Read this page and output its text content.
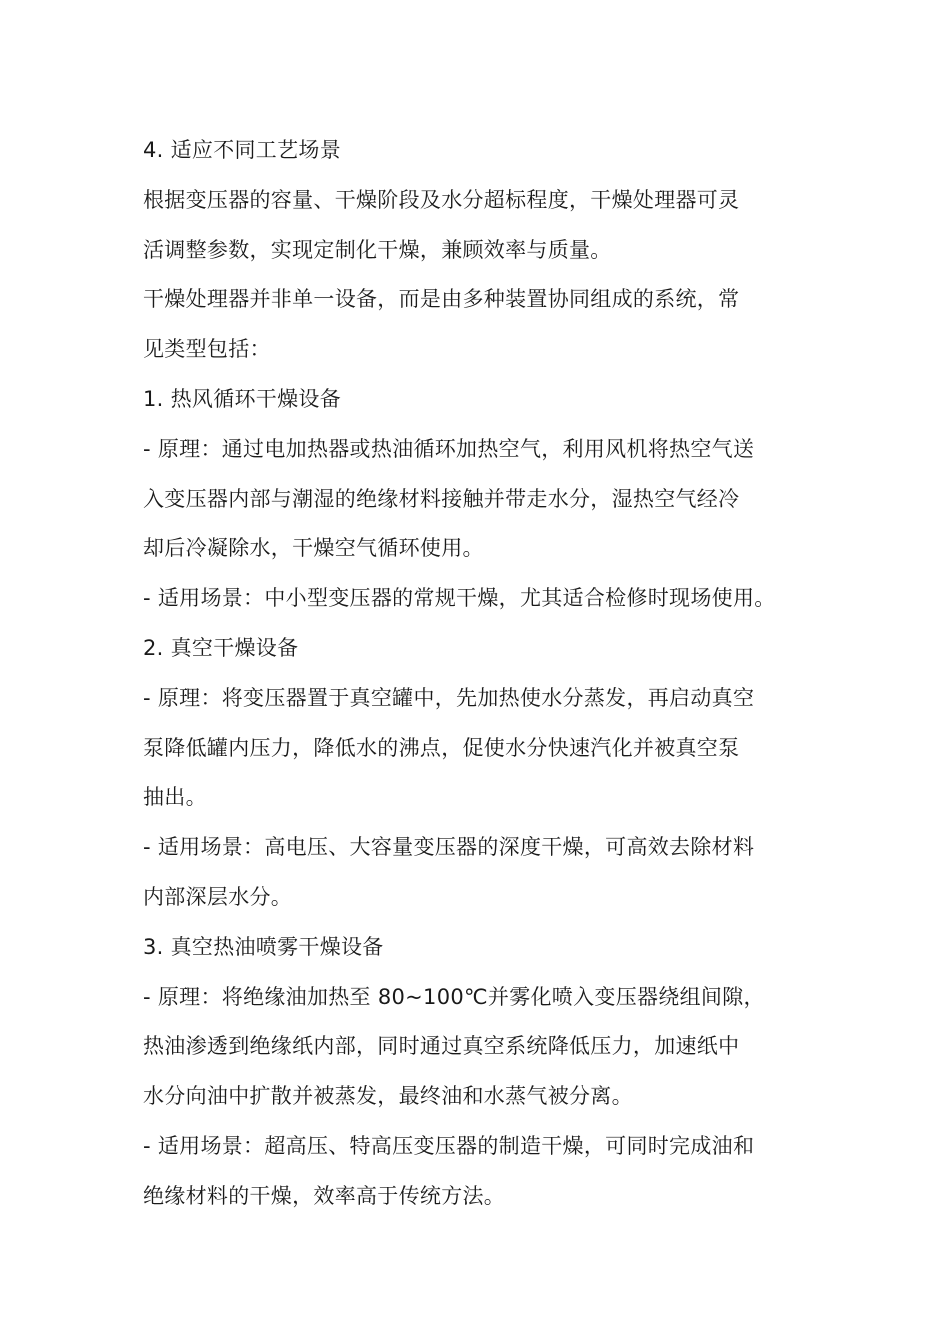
4. 适应不同工艺场景

根据变压器的容量、干燥阶段及水分超标程度，干燥处理器可灵

活调整参数，实现定制化干燥，兼顾效率与质量。

干燥处理器并非单一设备，而是由多种装置协同组成的系统，常

见类型包括：

1. 热风循环干燥设备

- 原理：通过电加热器或热油循环加热空气，利用风机将热空气送

入变压器内部与潮湿的绝缘材料接触并带走水分，湿热空气经冷

却后冷凝除水，干燥空气循环使用。

- 适用场景：中小型变压器的常规干燥，尤其适合检修时现场使用。

2. 真空干燥设备

- 原理：将变压器置于真空罐中，先加热使水分蒸发，再启动真空

泵降低罐内压力，降低水的沸点，促使水分快速汽化并被真空泵

抽出。

- 适用场景：高电压、大容量变压器的深度干燥，可高效去除材料

内部深层水分。

3. 真空热油喷雾干燥设备

- 原理：将绝缘油加热至 80~100℃并雾化喷入变压器绕组间隙，

热油渗透到绝缘纸内部，同时通过真空系统降低压力，加速纸中

水分向油中扩散并被蒸发，最终油和水蒸气被分离。

- 适用场景：超高压、特高压变压器的制造干燥，可同时完成油和

绝缘材料的干燥，效率高于传统方法。
